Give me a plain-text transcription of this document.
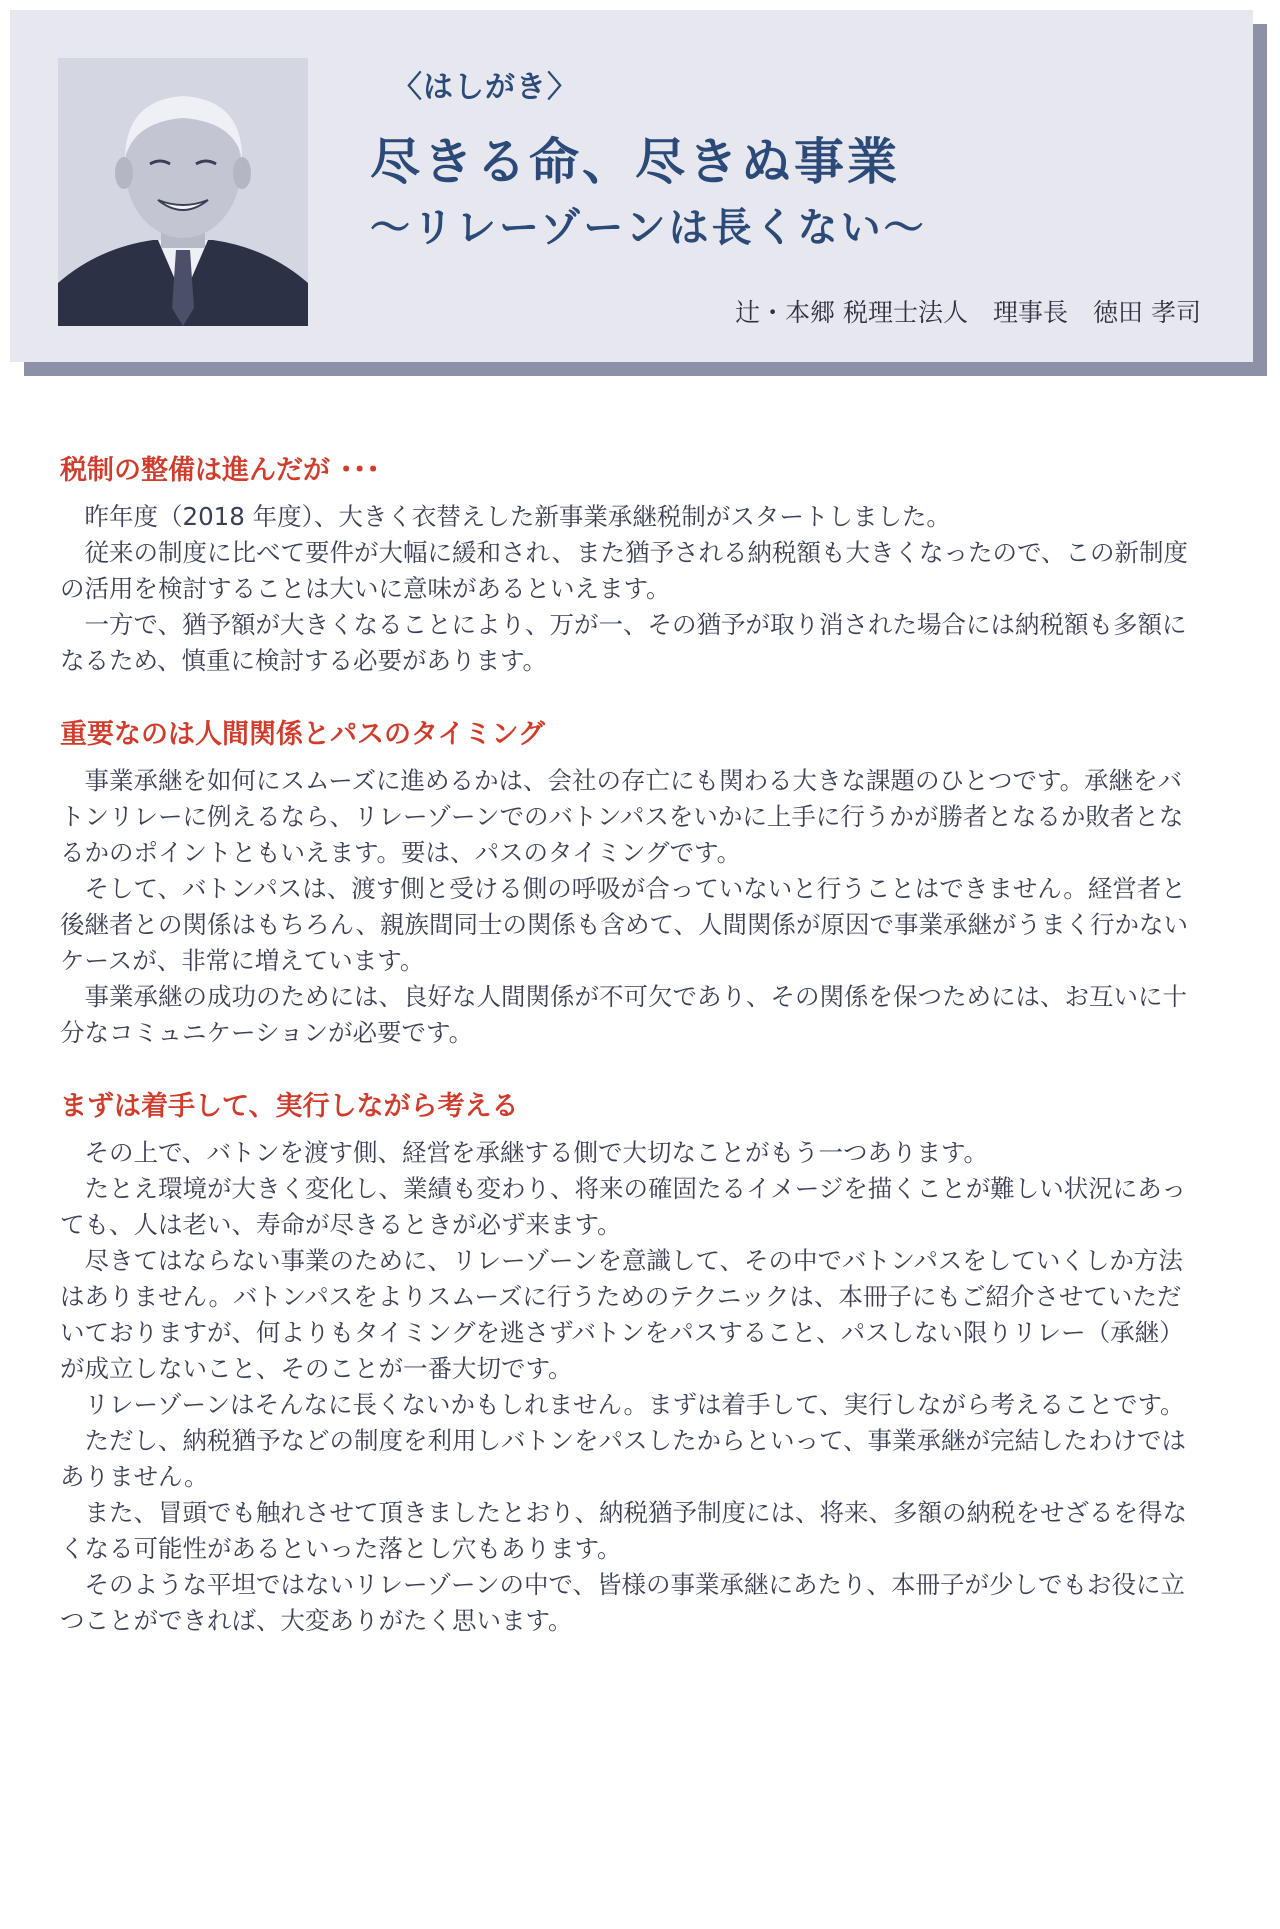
〈はしがき〉
尽きる命、尽きぬ事業
〜リレーゾーンは長くない〜
辻・本郷 税理士法人　理事長　徳田 孝司
税制の整備は進んだが ･･･

昨年度（2018 年度）、大きく衣替えした新事業承継税制がスタートしました。

従来の制度に比べて要件が大幅に緩和され、また猶予される納税額も大きくなったので、この新制度の活用を検討することは大いに意味があるといえます。

一方で、猶予額が大きくなることにより、万が一、その猶予が取り消された場合には納税額も多額になるため、慎重に検討する必要があります。

重要なのは人間関係とパスのタイミング

事業承継を如何にスムーズに進めるかは、会社の存亡にも関わる大きな課題のひとつです。承継をバトンリレーに例えるなら、リレーゾーンでのバトンパスをいかに上手に行うかが勝者となるか敗者となるかのポイントともいえます。要は、パスのタイミングです。

そして、バトンパスは、渡す側と受ける側の呼吸が合っていないと行うことはできません。経営者と後継者との関係はもちろん、親族間同士の関係も含めて、人間関係が原因で事業承継がうまく行かないケースが、非常に増えています。

事業承継の成功のためには、良好な人間関係が不可欠であり、その関係を保つためには、お互いに十分なコミュニケーションが必要です。

まずは着手して、実行しながら考える

その上で、バトンを渡す側、経営を承継する側で大切なことがもう一つあります。

たとえ環境が大きく変化し、業績も変わり、将来の確固たるイメージを描くことが難しい状況にあっても、人は老い、寿命が尽きるときが必ず来ます。

尽きてはならない事業のために、リレーゾーンを意識して、その中でバトンパスをしていくしか方法はありません。バトンパスをよりスムーズに行うためのテクニックは、本冊子にもご紹介させていただいておりますが、何よりもタイミングを逃さずバトンをパスすること、パスしない限りリレー（承継）が成立しないこと、そのことが一番大切です。

リレーゾーンはそんなに長くないかもしれません。まずは着手して、実行しながら考えることです。

ただし、納税猶予などの制度を利用しバトンをパスしたからといって、事業承継が完結したわけではありません。

また、冒頭でも触れさせて頂きましたとおり、納税猶予制度には、将来、多額の納税をせざるを得なくなる可能性があるといった落とし穴もあります。

そのような平坦ではないリレーゾーンの中で、皆様の事業承継にあたり、本冊子が少しでもお役に立つことができれば、大変ありがたく思います。
